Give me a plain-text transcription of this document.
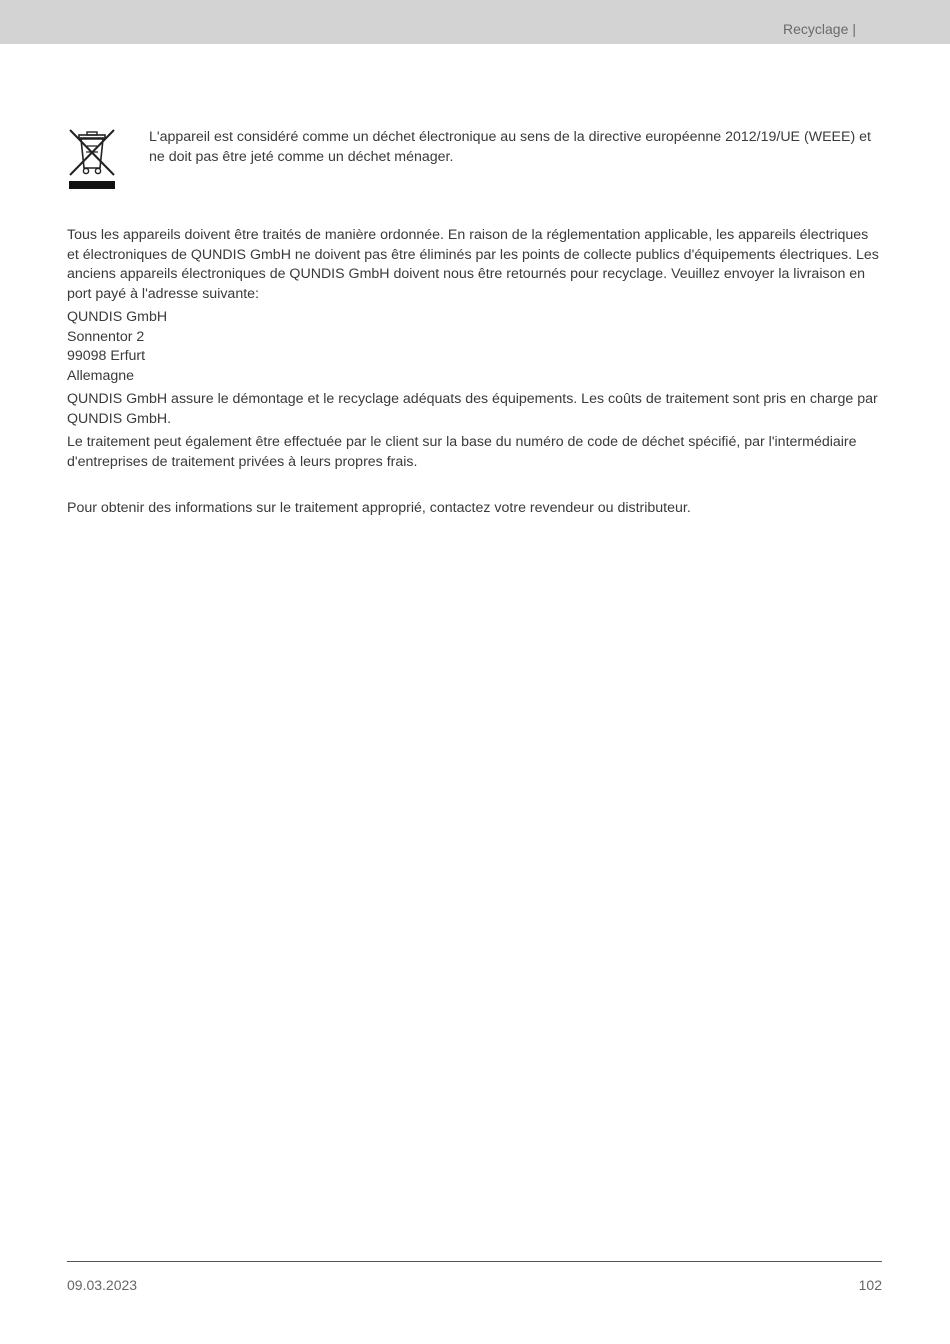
Recyclage |

L'appareil est considéré comme un déchet électronique au sens de la directive européenne 2012/19/UE (WEEE) et ne doit pas être jeté comme un déchet ménager.

Tous les appareils doivent être traités de manière ordonnée. En raison de la réglementation applicable, les appareils électriques et électroniques de QUNDIS GmbH ne doivent pas être éliminés par les points de collecte publics d'équipements électriques. Les anciens appareils électroniques de QUNDIS GmbH doivent nous être retournés pour recyclage. Veuillez envoyer la livraison en port payé à l'adresse suivante:

QUNDIS GmbH

Sonnentor 2

99098 Erfurt

Allemagne

QUNDIS GmbH assure le démontage et le recyclage adéquats des équipements. Les coûts de traitement sont pris en charge par QUNDIS GmbH.

Le traitement peut également être effectuée par le client sur la base du numéro de code de déchet spécifié, par l'intermédiaire d'entreprises de traitement privées à leurs propres frais.

Pour obtenir des informations sur le traitement approprié, contactez votre revendeur ou distributeur.

09.03.2023	102
